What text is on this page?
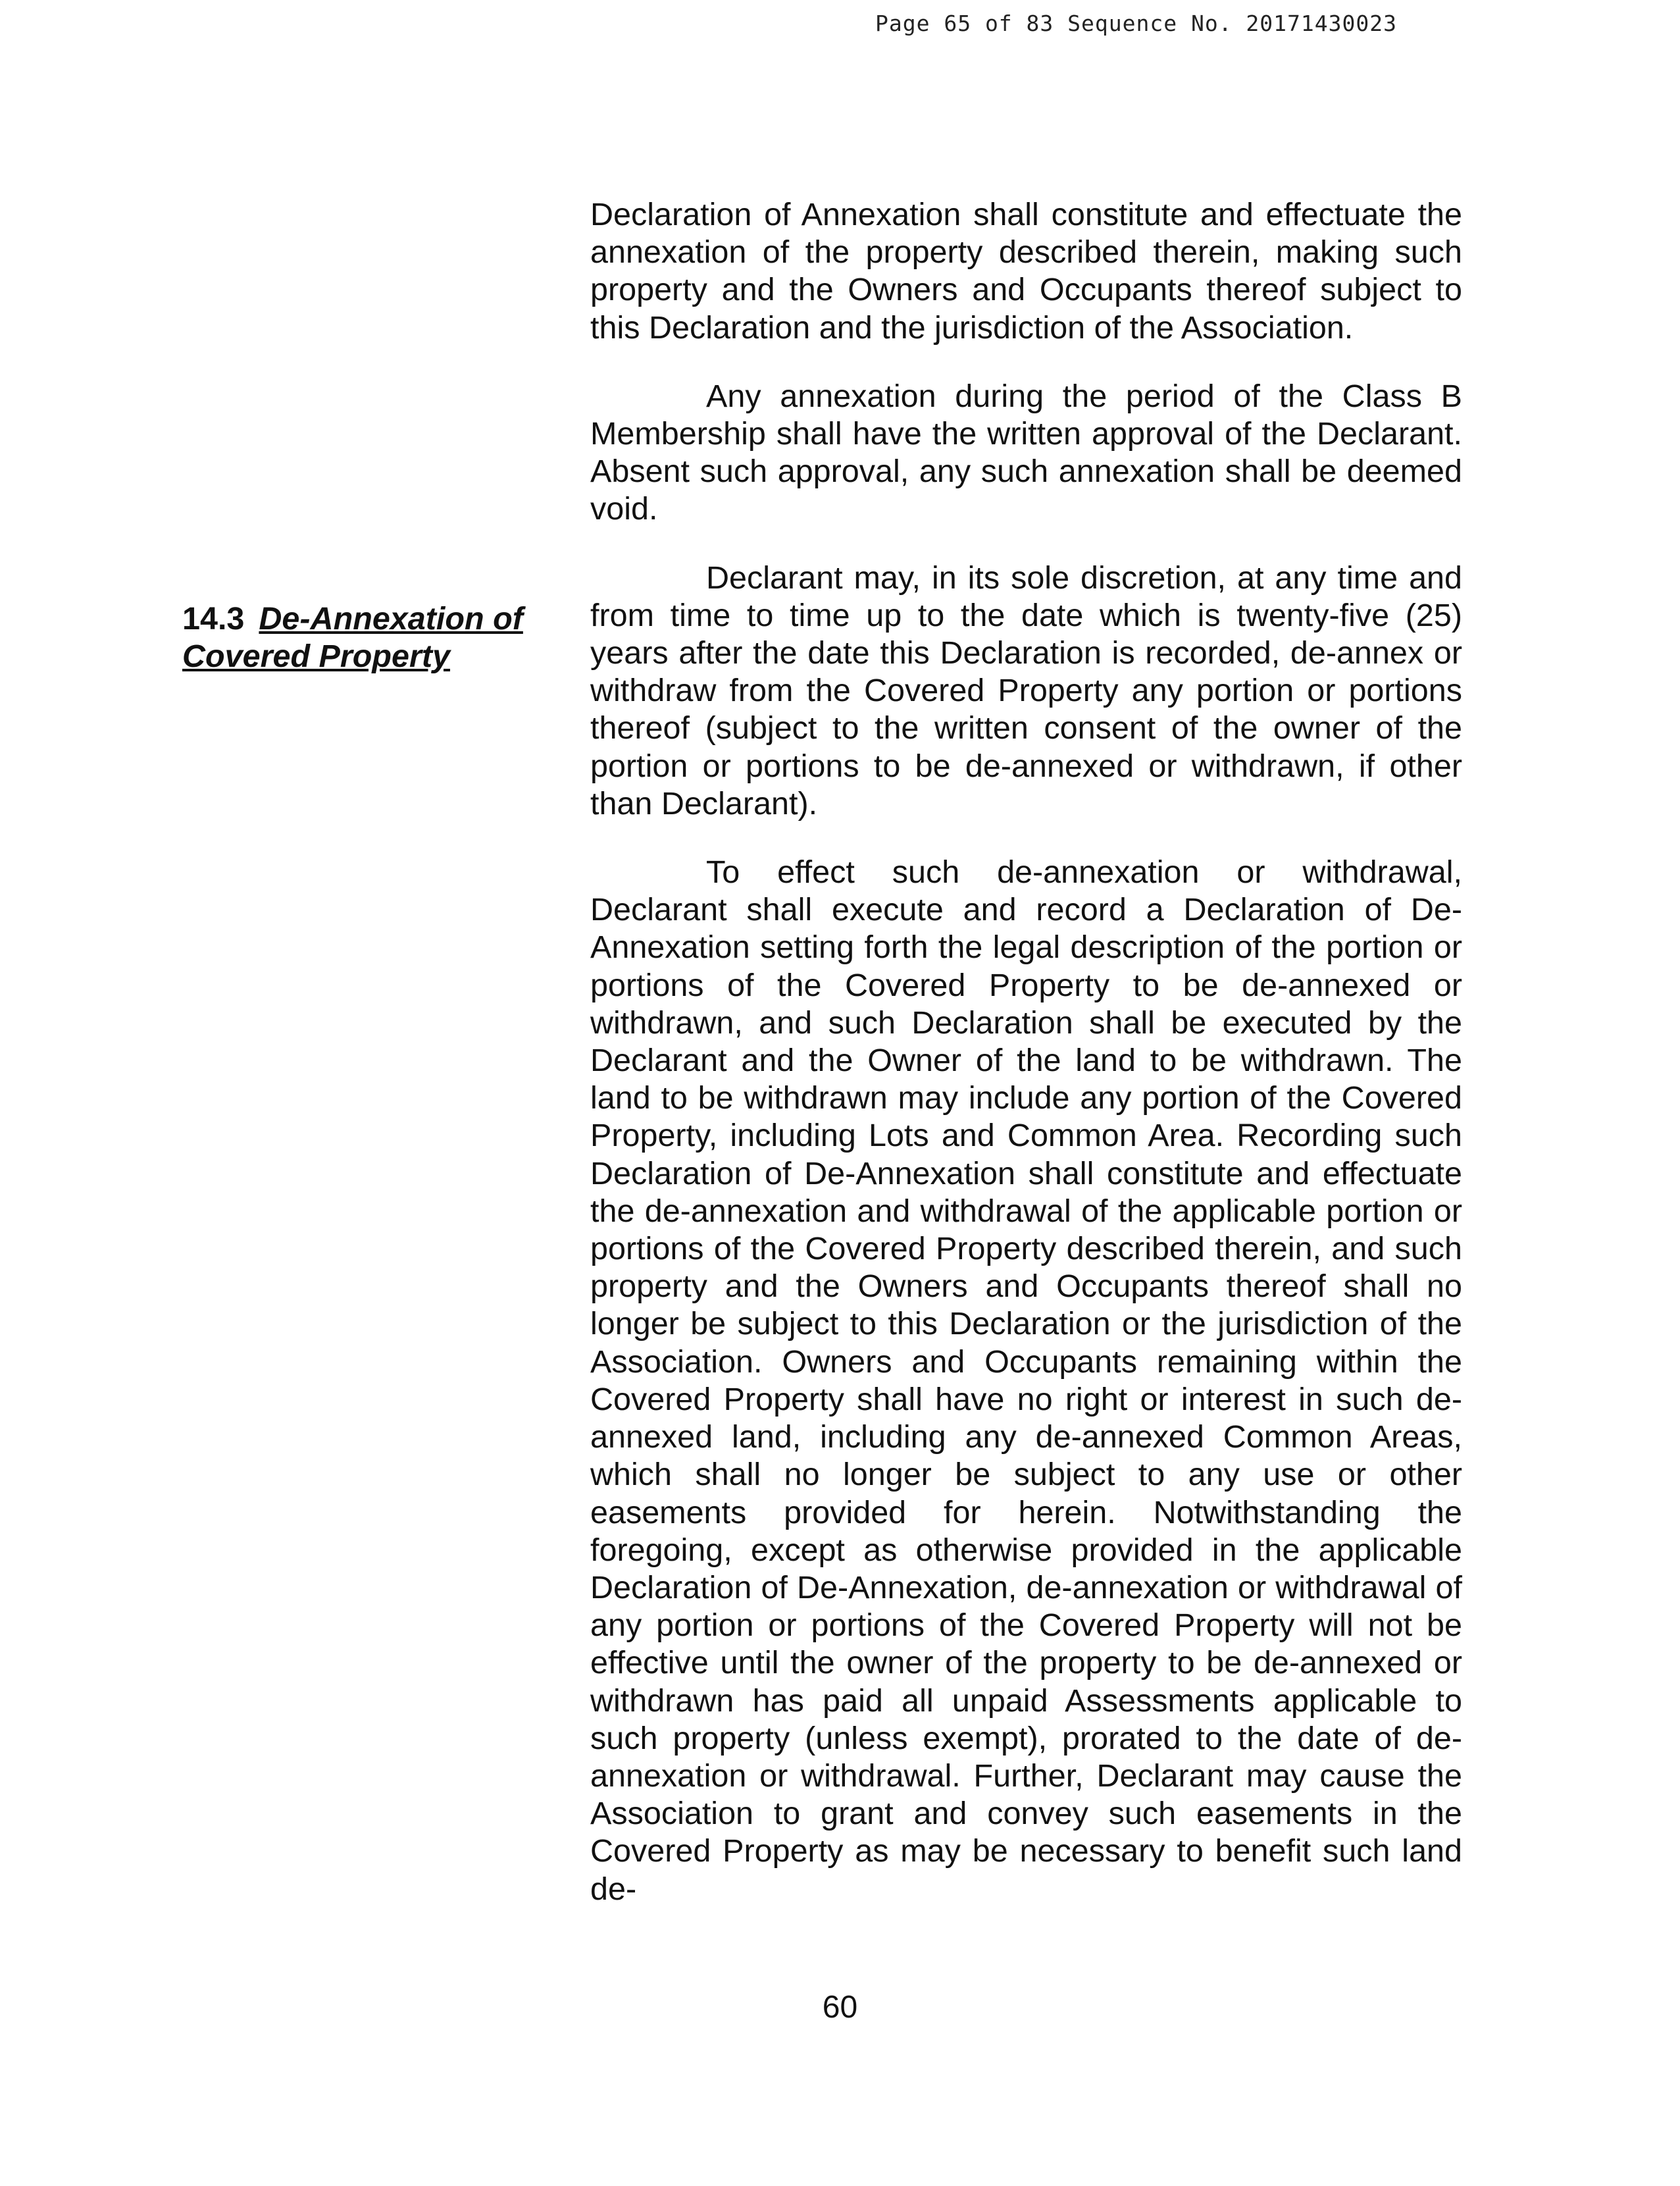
Page 65 of 83 Sequence No. 20171430023
14.3 De-Annexation of Covered Property

Declaration of Annexation shall constitute and effectuate the annexation of the property described therein, making such property and the Owners and Occupants thereof subject to this Declaration and the jurisdiction of the Association.

Any annexation during the period of the Class B Membership shall have the written approval of the Declarant. Absent such approval, any such annexation shall be deemed void.

Declarant may, in its sole discretion, at any time and from time to time up to the date which is twenty-five (25) years after the date this Declaration is recorded, de-annex or withdraw from the Covered Property any portion or portions thereof (subject to the written consent of the owner of the portion or portions to be de-annexed or withdrawn, if other than Declarant).

To effect such de-annexation or withdrawal, Declarant shall execute and record a Declaration of De-Annexation setting forth the legal description of the portion or portions of the Covered Property to be de-annexed or withdrawn, and such Declaration shall be executed by the Declarant and the Owner of the land to be withdrawn. The land to be withdrawn may include any portion of the Covered Property, including Lots and Common Area. Recording such Declaration of De-Annexation shall constitute and effectuate the de-annexation and withdrawal of the applicable portion or portions of the Covered Property described therein, and such property and the Owners and Occupants thereof shall no longer be subject to this Declaration or the jurisdiction of the Association. Owners and Occupants remaining within the Covered Property shall have no right or interest in such de-annexed land, including any de-annexed Common Areas, which shall no longer be subject to any use or other easements provided for herein. Notwithstanding the foregoing, except as otherwise provided in the applicable Declaration of De-Annexation, de-annexation or withdrawal of any portion or portions of the Covered Property will not be effective until the owner of the property to be de-annexed or withdrawn has paid all unpaid Assessments applicable to such property (unless exempt), prorated to the date of de-annexation or withdrawal. Further, Declarant may cause the Association to grant and convey such easements in the Covered Property as may be necessary to benefit such land de-

60
